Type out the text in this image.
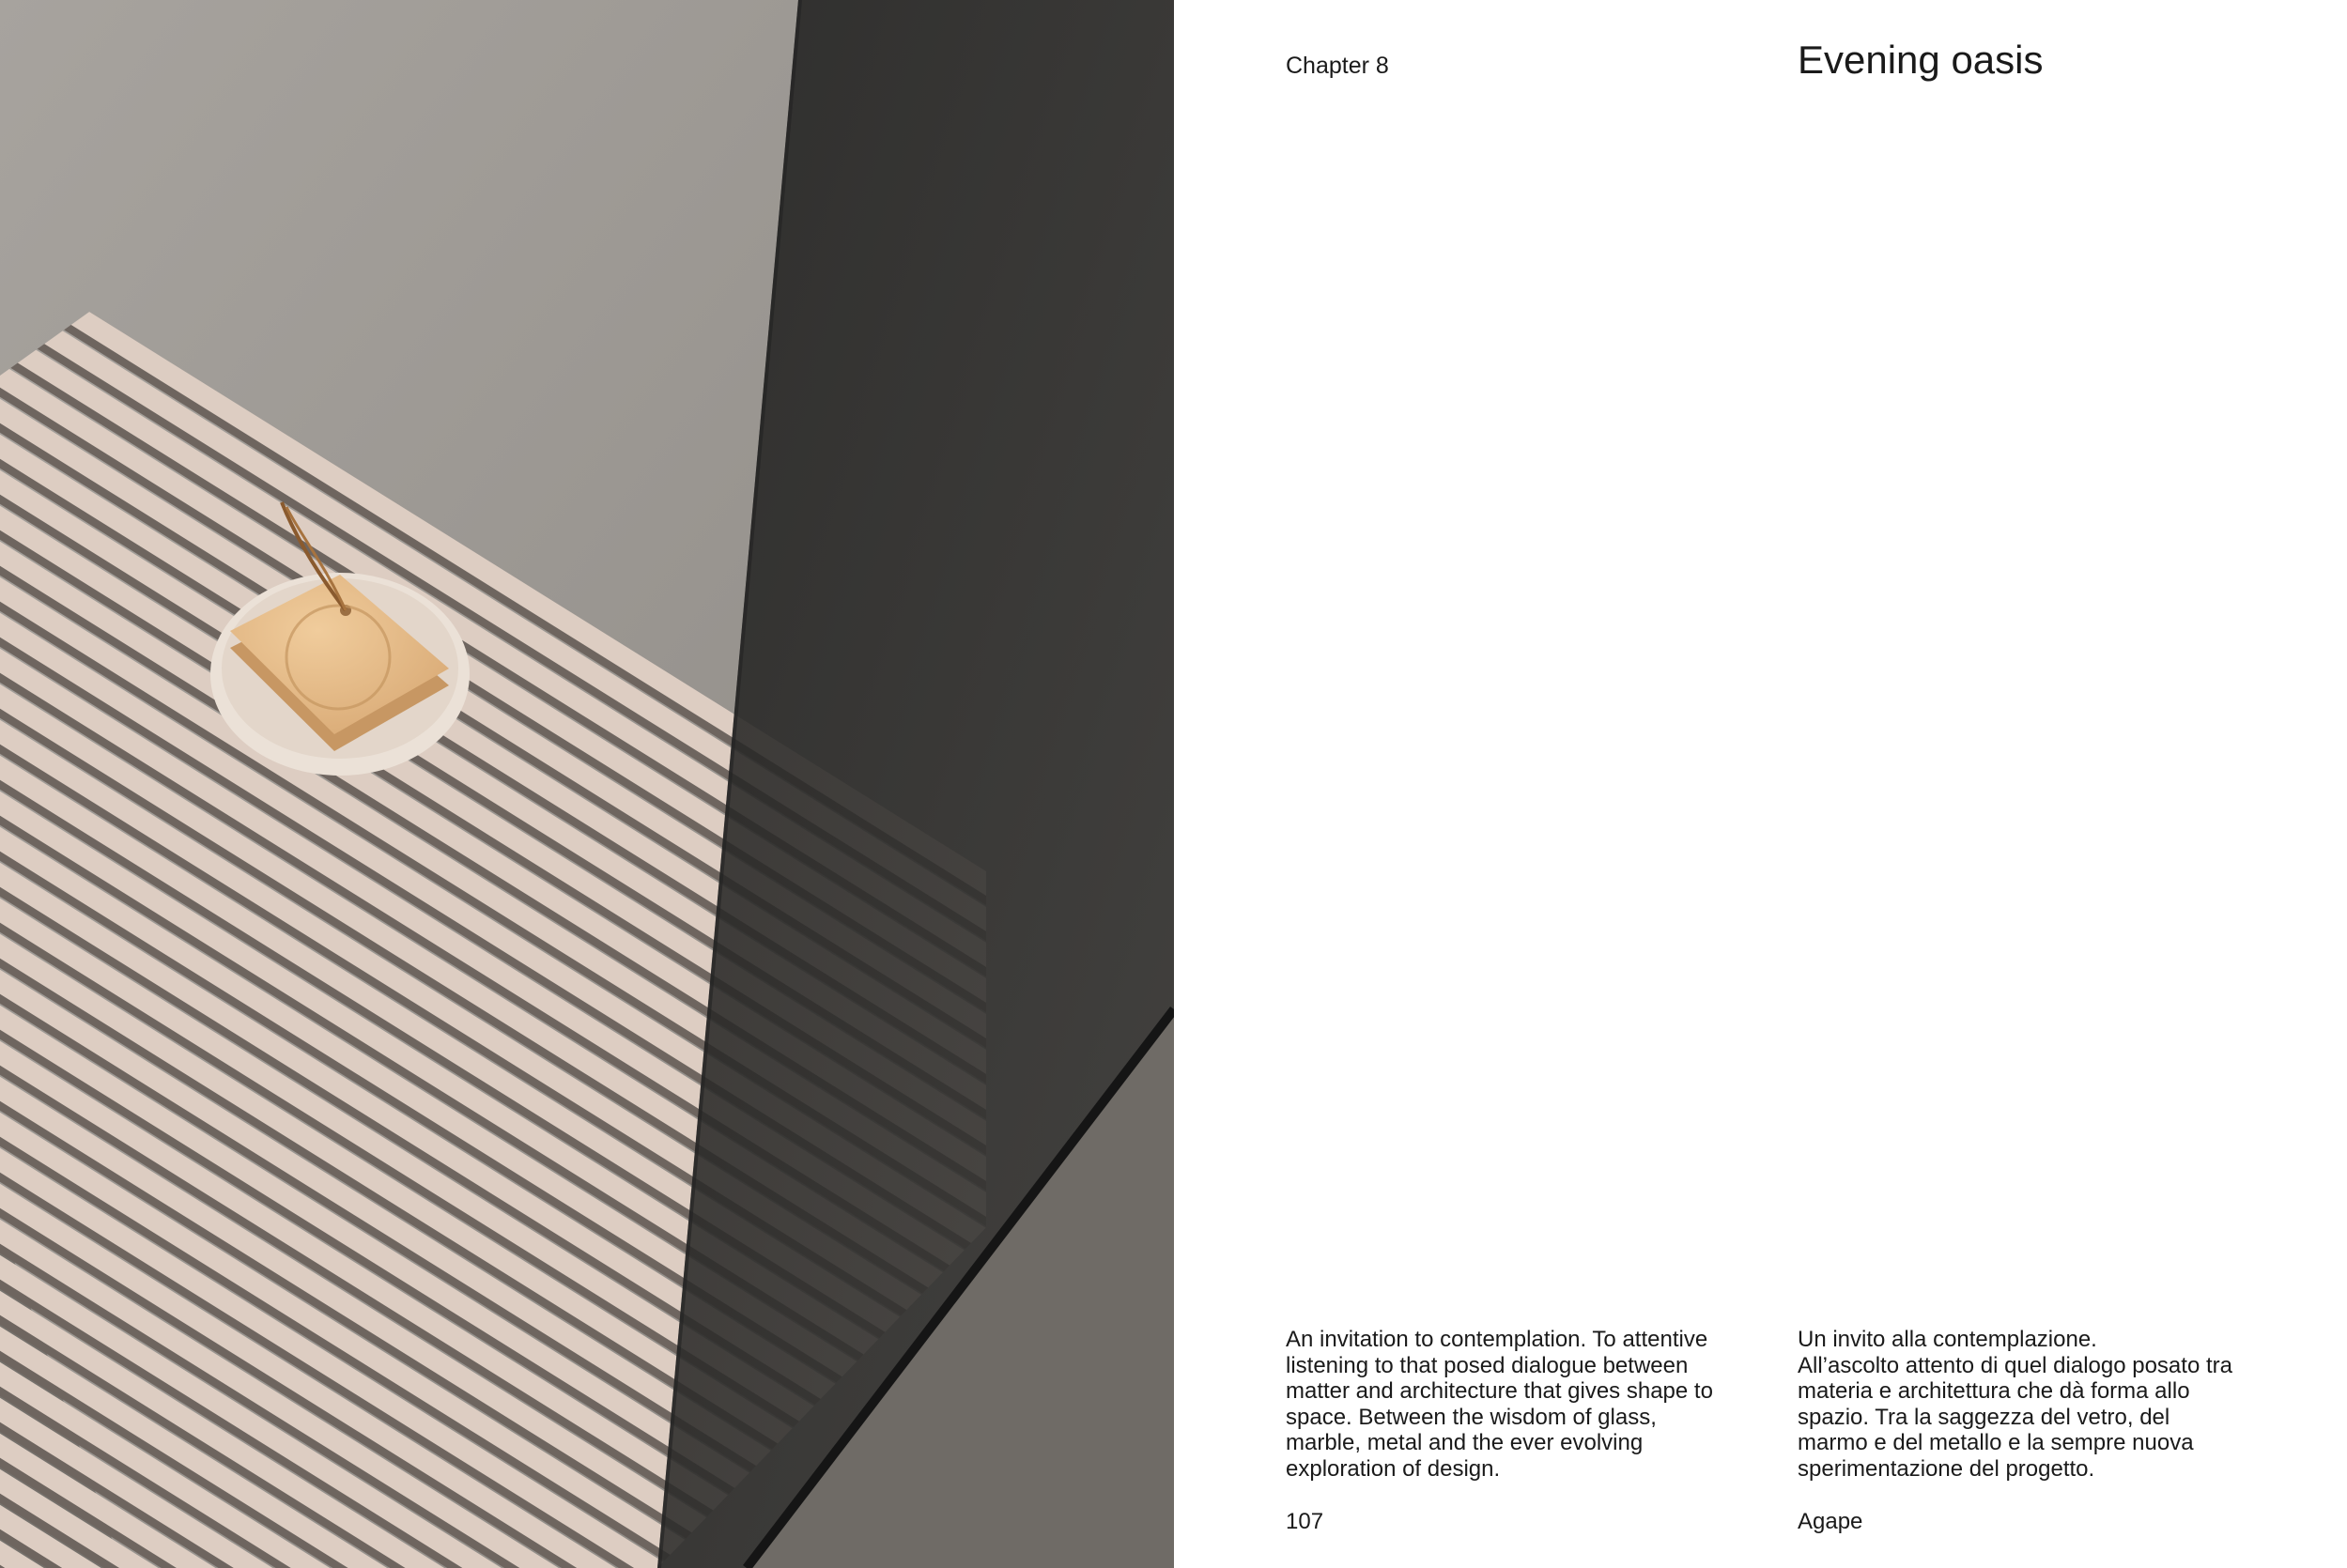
Chapter 8	Evening oasis

An invitation to contemplation. To attentive listening to that posed dialogue between matter and architecture that gives shape to space. Between the wisdom of glass, marble, metal and the ever evolving exploration of design.

Un invito alla contemplazione.
All’ascolto attento di quel dialogo posato tra materia e architettura che dà forma allo spazio. Tra la saggezza del vetro, del marmo e del metallo e la sempre nuova sperimentazione del progetto.

107	Agape
